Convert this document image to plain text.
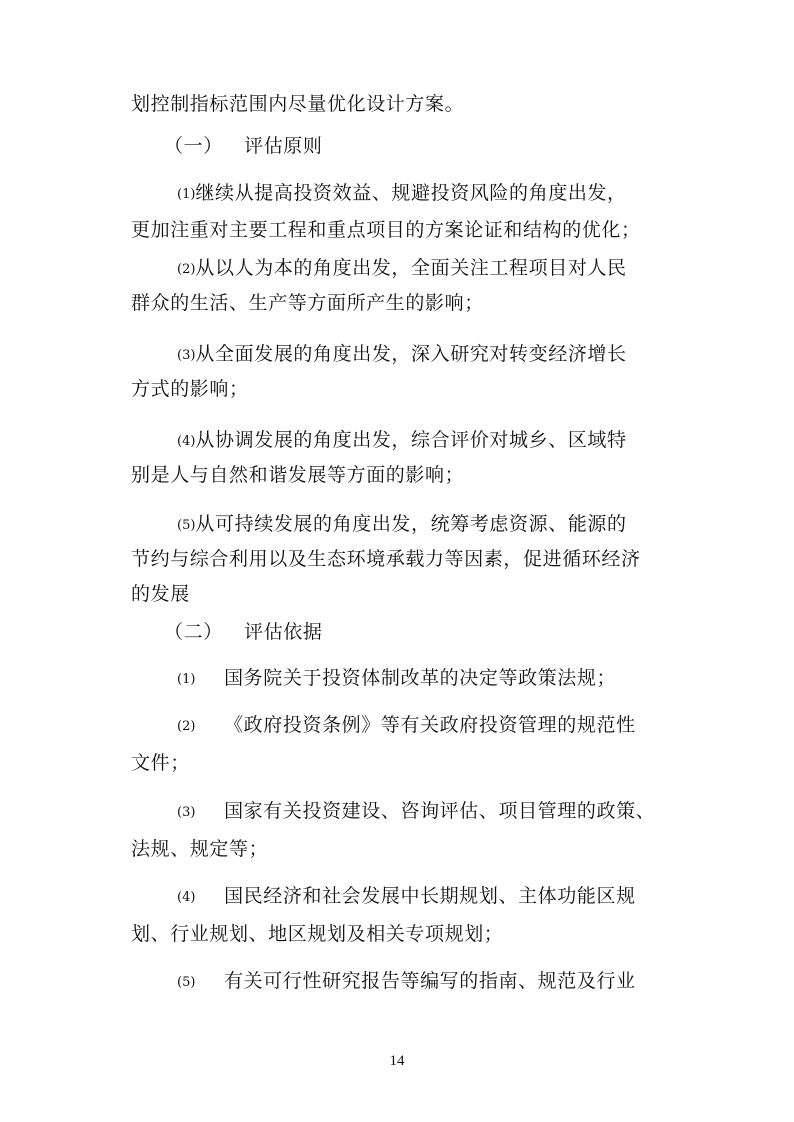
划控制指标范围内尽量优化设计方案。
（一） 评估原则
(1)继续从提高投资效益、规避投资风险的角度出发，
更加注重对主要工程和重点项目的方案论证和结构的优化；
(2)从以人为本的角度出发，全面关注工程项目对人民
群众的生活、生产等方面所产生的影响；
(3)从全面发展的角度出发，深入研究对转变经济增长
方式的影响；
(4)从协调发展的角度出发，综合评价对城乡、区域特
别是人与自然和谐发展等方面的影响；
(5)从可持续发展的角度出发，统筹考虑资源、能源的
节约与综合利用以及生态环境承载力等因素，促进循环经济
的发展
（二） 评估依据
(1) 国务院关于投资体制改革的决定等政策法规；
(2) 《政府投资条例》等有关政府投资管理的规范性
文件；
(3) 国家有关投资建设、咨询评估、项目管理的政策、
法规、规定等；
(4) 国民经济和社会发展中长期规划、主体功能区规
划、行业规划、地区规划及相关专项规划；
(5) 有关可行性研究报告等编写的指南、规范及行业
14
